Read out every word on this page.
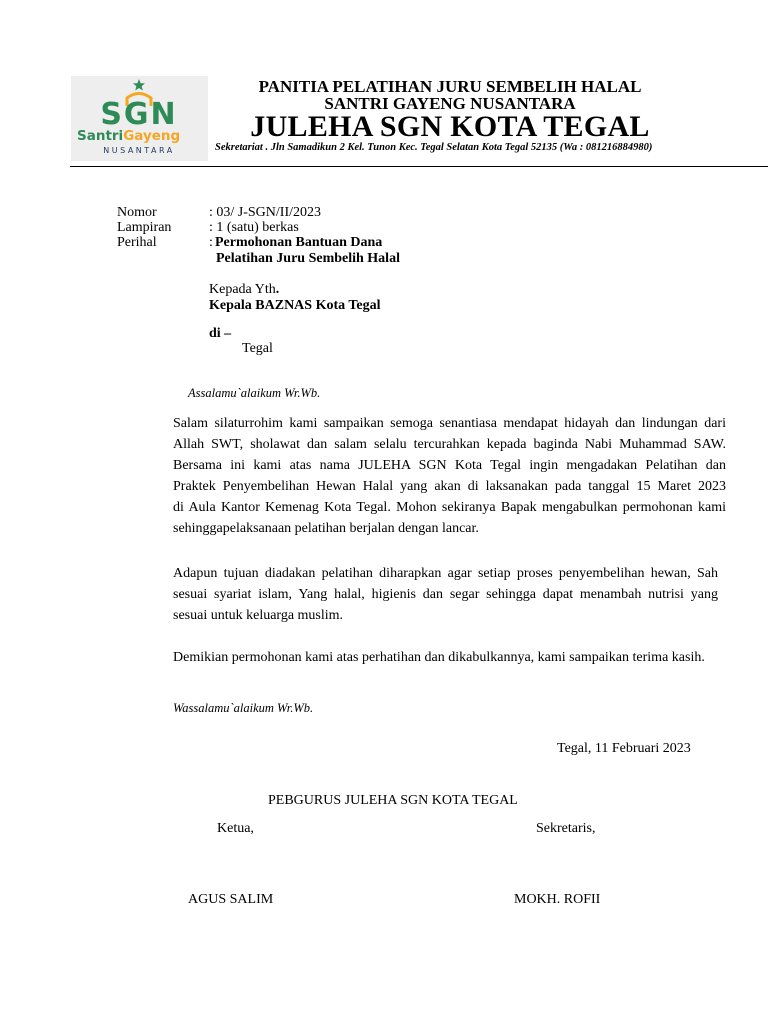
SGN
SantriGayeng
NUSANTARA
PANITIA PELATIHAN JURU SEMBELIH HALAL
SANTRI GAYENG NUSANTARA
JULEHA SGN KOTA TEGAL
Sekretariat . Jln Samadikun 2 Kel. Tunon Kec. Tegal Selatan Kota Tegal 52135 (Wa : 081216884980)
Nomor	: 03/ J-SGN/II/2023
Lampiran	: 1 (satu) berkas
Perihal	: Permohonan Bantuan Dana
Pelatihan Juru Sembelih Halal
Kepada Yth.
Kepala BAZNAS Kota Tegal
di –
Tegal
Assalamu`alaikum Wr.Wb.

Salam silaturrohim kami sampaikan semoga senantiasa mendapat hidayah dan lindungan dari

Allah SWT, sholawat dan salam selalu tercurahkan kepada baginda Nabi Muhammad SAW.

Bersama ini kami atas nama JULEHA SGN Kota Tegal ingin mengadakan Pelatihan dan

Praktek Penyembelihan Hewan Halal yang akan di laksanakan pada tanggal 15 Maret 2023

di Aula Kantor Kemenag Kota Tegal. Mohon sekiranya Bapak mengabulkan permohonan kami

sehinggapelaksanaan pelatihan berjalan dengan lancar.

Adapun tujuan diadakan pelatihan diharapkan agar setiap proses penyembelihan hewan, Sah

sesuai syariat islam, Yang halal, higienis dan segar sehingga dapat menambah nutrisi yang

sesuai untuk keluarga muslim.

Demikian permohonan kami atas perhatihan dan dikabulkannya, kami sampaikan terima kasih.
Wassalamu`alaikum Wr.Wb.
Tegal, 11 Februari 2023
PEBGURUS JULEHA SGN KOTA TEGAL
Ketua,	Sekretaris,
AGUS SALIM	MOKH. ROFII
